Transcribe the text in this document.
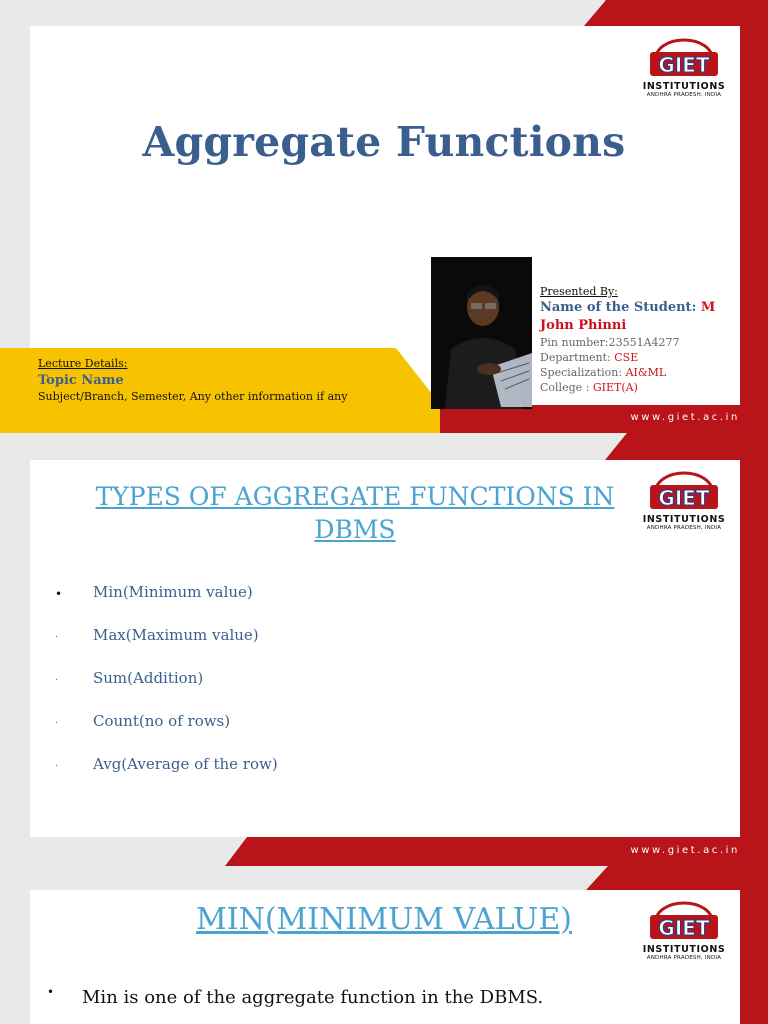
www.giet.ac.in
GIET
INSTITUTIONS
ANDHRA PRADESH, INDIA
Aggregate Functions
Lecture Details:
Topic Name
Subject/Branch, Semester, Any other information if any
Presented By:
Name of the Student: M
John Phinni
Pin number:23551A4277
Department: CSE
Specialization: AI&ML
College : GIET(A)
www.giet.ac.in
GIET
INSTITUTIONS
ANDHRA PRADESH, INDIA
TYPES OF AGGREGATE FUNCTIONS IN DBMS
• Min(Minimum value)
· Max(Maximum value)
· Sum(Addition)
· Count(no of rows)
· Avg(Average of the row)
GIET
INSTITUTIONS
ANDHRA PRADESH, INDIA
MIN(MINIMUM VALUE)
• Min is one of the aggregate function in the DBMS.
